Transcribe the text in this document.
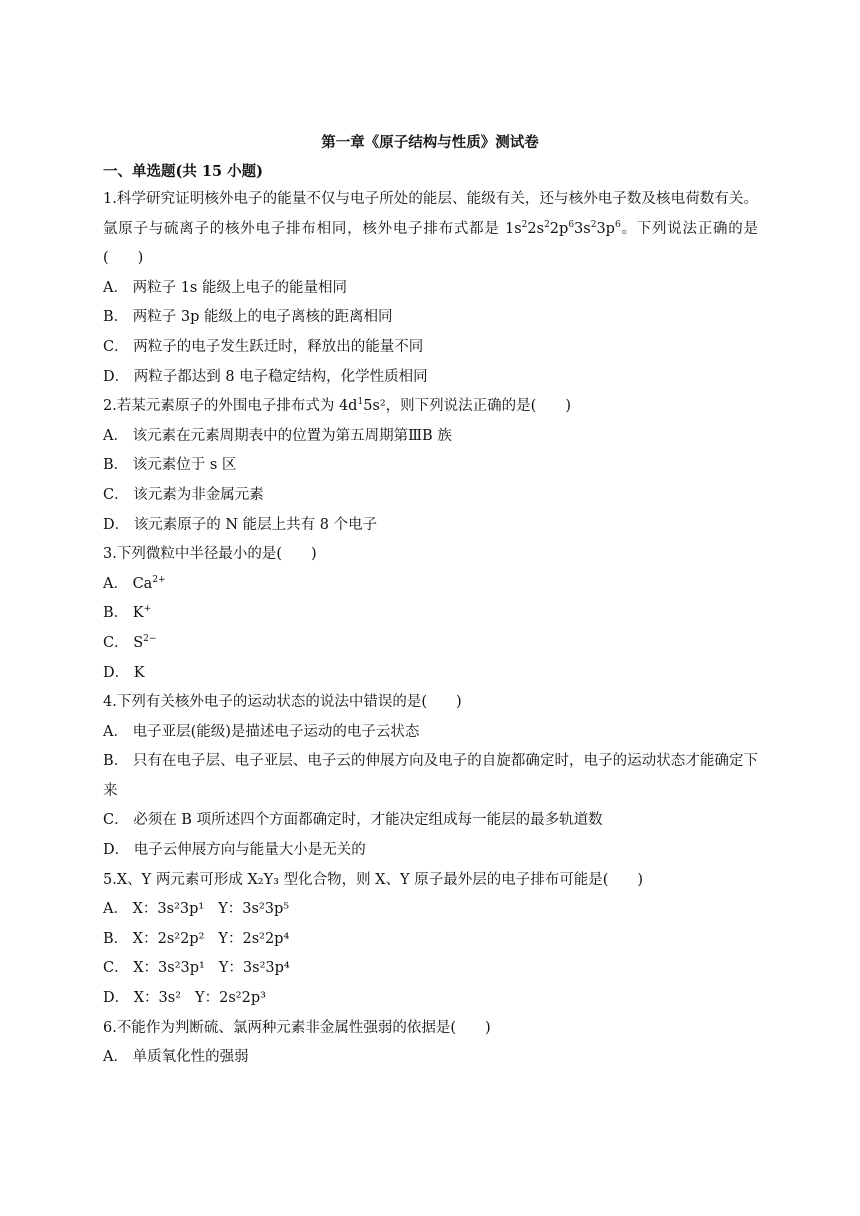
第一章《原子结构与性质》测试卷
一、单选题(共 15 小题)
1.科学研究证明核外电子的能量不仅与电子所处的能层、能级有关，还与核外电子数及核电荷数有关。氩原子与硫离子的核外电子排布相同，核外电子排布式都是 $1s^22s^22p^63s^23p^6$。下列说法正确的是(　　)
A． 两粒子 1s 能级上电子的能量相同
B． 两粒子 3p 能级上的电子离核的距离相同
C． 两粒子的电子发生跃迁时，释放出的能量不同
D． 两粒子都达到 8 电子稳定结构，化学性质相同
2.若某元素原子的外围电子排布式为 $4d^15s^2$，则下列说法正确的是(　　)
A． 该元素在元素周期表中的位置为第五周期第ⅢB 族
B． 该元素位于 s 区
C． 该元素为非金属元素
D． 该元素原子的 N 能层上共有 8 个电子
3.下列微粒中半径最小的是(　　)
A． $Ca^{2+}$
B． K+
C． $S^{2-}$
D． K
4.下列有关核外电子的运动状态的说法中错误的是(　　)
A． 电子亚层(能级)是描述电子运动的电子云状态
B． 只有在电子层、电子亚层、电子云的伸展方向及电子的自旋都确定时，电子的运动状态才能确定下来
C． 必须在 B 项所述四个方面都确定时，才能决定组成每一能层的最多轨道数
D． 电子云伸展方向与能量大小是无关的
5.X、Y 两元素可形成 X₂Y₃ 型化合物，则 X、Y 原子最外层的电子排布可能是(　　)
A． X：3s²3p¹ Y：3s²3p⁵
B． X：2s²2p² Y：2s²2p⁴
C． X：3s²3p¹ Y：3s²3p⁴
D． X：3s² Y：2s²2p³
6.不能作为判断硫、氯两种元素非金属性强弱的依据是(　　)
A． 单质氧化性的强弱
